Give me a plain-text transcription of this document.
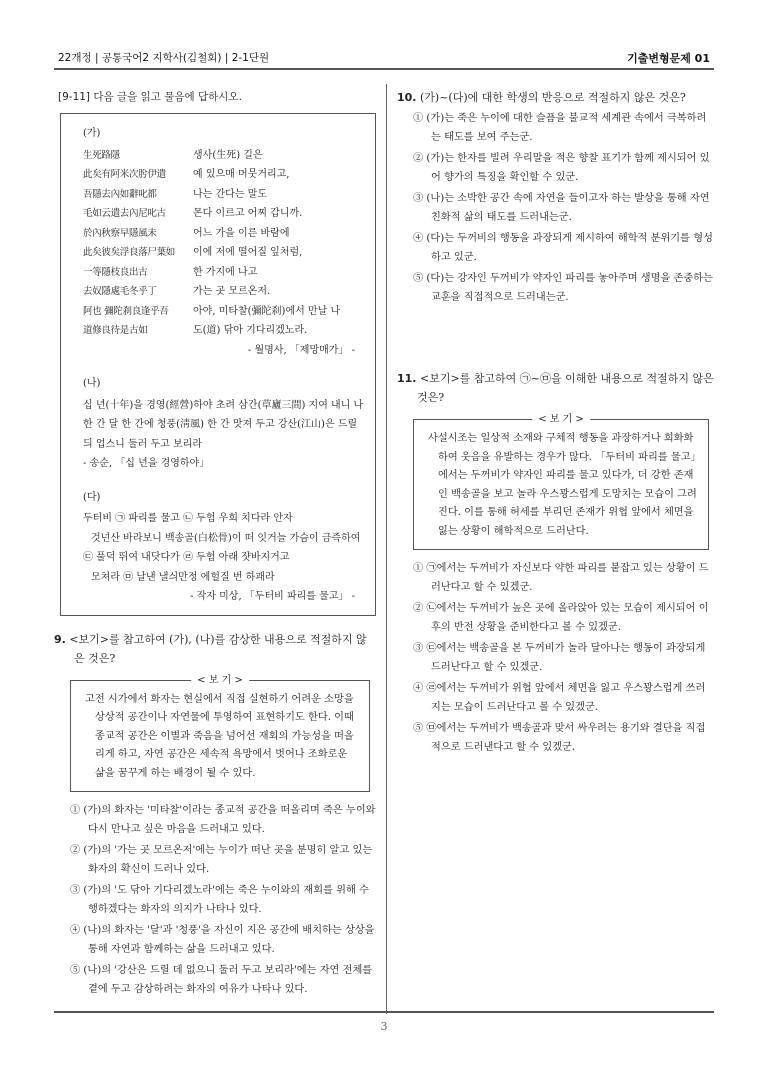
22개정 | 공통국어2 지학사(김철회) | 2-1단원	기출변형문제 01
[9-11] 다음 글을 읽고 물음에 답하시오.
(가)
生死路隱	생사(生死) 길은
此矣有阿米次肹伊遣	예 있으매 머뭇거리고,
吾隱去內如辭叱都	나는 간다는 말도
毛如云遣去內尼叱古	몬다 이르고 어찌 갑니까.
於內秋察早隱風未	어느 가을 이른 바람에
此矣彼矣浮良落尸葉如	이에 저에 떨어질 잎처럼,
一等隱枝良出古	한 가지에 나고
去奴隱處毛冬乎丁	가는 곳 모르온저.
阿也 彌陀刹良逢乎吾	아야, 미타찰(彌陀刹)에서 만날 나
道修良待是古如	도(道) 닦아 기다리겠노라.
- 월명사, 「제망매가」 -
(나)
십 년(十年)을 경영(經營)하야 초려 삼간(草廬三間) 지여 내니 나 한 간 달 한 간에 청풍(淸風) 한 간 맛져 두고 강산(江山)은 드릴 듸 업스니 둘러 두고 보리라
- 송순, 「십 년을 경영하야」
(다)
두터비 ㉠ 파리를 물고 ㉡ 두험 우희 치다라 안자
것넌산 바라보니 백송골(白松骨)이 떠 잇거늘 가슴이 금즉하여
㉢ 풀덕 뛰여 내닷다가 ㉣ 두험 아래 쟛바지거고
모쳐라 ㉤ 날낸 낼싀만정 에헐질 번 하괘라
- 작자 미상, 「두터비 파리를 물고」 -
9. <보기>를 참고하여 (가), (나)를 감상한 내용으로 적절하지 않은 것은?
< 보 기 >
고전 시가에서 화자는 현실에서 직접 실현하기 어려운 소망을 상상적 공간이나 자연물에 투영하여 표현하기도 한다. 이때 종교적 공간은 이별과 죽음을 넘어선 재회의 가능성을 떠올리게 하고, 자연 공간은 세속적 욕망에서 벗어나 조화로운 삶을 꿈꾸게 하는 배경이 될 수 있다.
① (가)의 화자는 '미타찰'이라는 종교적 공간을 떠올리며 죽은 누이와 다시 만나고 싶은 마음을 드러내고 있다.
② (가)의 '가는 곳 모르온저'에는 누이가 떠난 곳을 분명히 알고 있는 화자의 확신이 드러나 있다.
③ (가)의 '도 닦아 기다리겠노라'에는 죽은 누이와의 재회를 위해 수행하겠다는 화자의 의지가 나타나 있다.
④ (나)의 화자는 '달'과 '청풍'을 자신이 지은 공간에 배치하는 상상을 통해 자연과 함께하는 삶을 드러내고 있다.
⑤ (나)의 '강산은 드릴 데 없으니 둘러 두고 보리라'에는 자연 전체를 곁에 두고 감상하려는 화자의 여유가 나타나 있다.
10. (가)~(다)에 대한 학생의 반응으로 적절하지 않은 것은?
① (가)는 죽은 누이에 대한 슬픔을 불교적 세계관 속에서 극복하려는 태도를 보여 주는군.
② (가)는 한자를 빌려 우리말을 적은 향찰 표기가 함께 제시되어 있어 향가의 특징을 확인할 수 있군.
③ (나)는 소박한 공간 속에 자연을 들이고자 하는 발상을 통해 자연 친화적 삶의 태도를 드러내는군.
④ (다)는 두꺼비의 행동을 과장되게 제시하여 해학적 분위기를 형성하고 있군.
⑤ (다)는 강자인 두꺼비가 약자인 파리를 놓아주며 생명을 존중하는 교훈을 직접적으로 드러내는군.
11. <보기>를 참고하여 ㉠~㉤을 이해한 내용으로 적절하지 않은 것은?
< 보 기 >
사설시조는 일상적 소재와 구체적 행동을 과장하거나 희화화하여 웃음을 유발하는 경우가 많다. 「두터비 파리를 물고」에서는 두꺼비가 약자인 파리를 물고 있다가, 더 강한 존재인 백송골을 보고 놀라 우스꽝스럽게 도망치는 모습이 그려진다. 이를 통해 허세를 부리던 존재가 위협 앞에서 체면을 잃는 상황이 해학적으로 드러난다.
① ㉠에서는 두꺼비가 자신보다 약한 파리를 붙잡고 있는 상황이 드러난다고 할 수 있겠군.
② ㉡에서는 두꺼비가 높은 곳에 올라앉아 있는 모습이 제시되어 이후의 반전 상황을 준비한다고 볼 수 있겠군.
③ ㉢에서는 백송골을 본 두꺼비가 놀라 달아나는 행동이 과장되게 드러난다고 할 수 있겠군.
④ ㉣에서는 두꺼비가 위협 앞에서 체면을 잃고 우스꽝스럽게 쓰러지는 모습이 드러난다고 볼 수 있겠군.
⑤ ㉤에서는 두꺼비가 백송골과 맞서 싸우려는 용기와 결단을 직접적으로 드러낸다고 할 수 있겠군.
3
